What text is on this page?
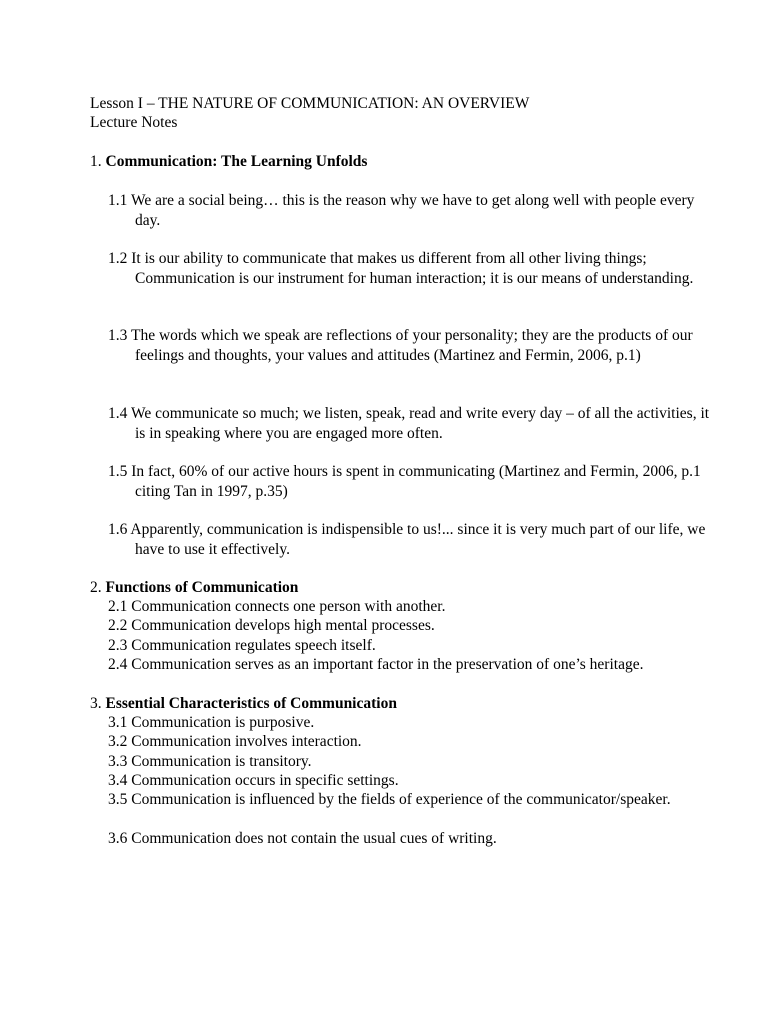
Lesson I – THE NATURE OF COMMUNICATION: AN OVERVIEW
Lecture Notes
1. Communication: The Learning Unfolds
1.1 We are a social being… this is the reason why we have to get along well with people every day.
1.2 It is our ability to communicate that makes us different from all other living things; Communication is our instrument for human interaction; it is our means of understanding.
1.3 The words which we speak are reflections of your personality; they are the products of our feelings and thoughts, your values and attitudes (Martinez and Fermin, 2006, p.1)
1.4 We communicate so much; we listen, speak, read and write every day – of all the activities, it is in speaking where you are engaged more often.
1.5 In fact, 60% of our active hours is spent in communicating (Martinez and Fermin, 2006, p.1 citing Tan in 1997, p.35)
1.6 Apparently, communication is indispensible to us!... since it is very much part of our life, we have to use it effectively.
2. Functions of Communication
2.1 Communication connects one person with another.
2.2 Communication develops high mental processes.
2.3 Communication regulates speech itself.
2.4 Communication serves as an important factor in the preservation of one’s heritage.
3. Essential Characteristics of Communication
3.1 Communication is purposive.
3.2 Communication involves interaction.
3.3 Communication is transitory.
3.4 Communication occurs in specific settings.
3.5 Communication is influenced by the fields of experience of the communicator/speaker.
3.6 Communication does not contain the usual cues of writing.
